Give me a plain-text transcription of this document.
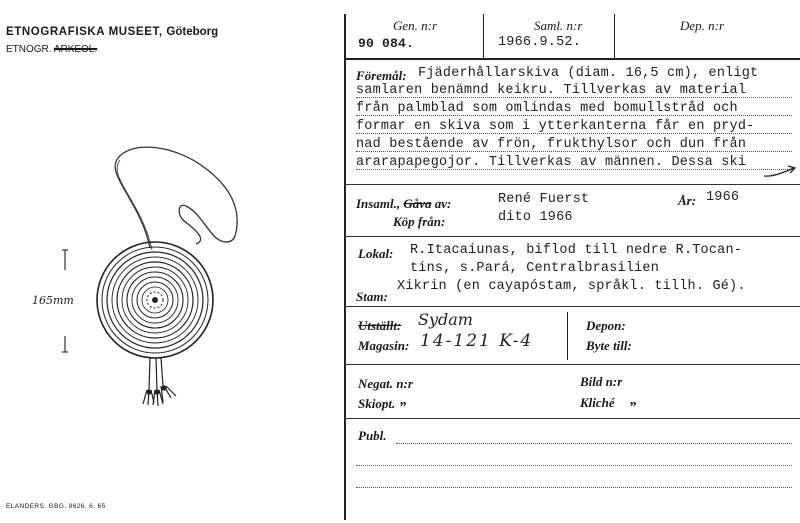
ETNOGRAFISKA MUSEET, Göteborg
ETNOGR. ARKEOL.
165mm
ELANDERS. GBG. 8626. 6. 65
Gen. n:r	Saml. n:r	Dep. n:r
90 084.	1966.9.52.
Föremål: Fjäderhållarskiva (diam. 16,5 cm), enligt
samlaren benämnd keikru. Tillverkas av material
från palmblad som omlindas med bomullstråd och
formar en skiva som i ytterkanterna får en pryd-
nad bestående av frön, frukthylsor och dun från
ararapapegojor. Tillverkas av männen. Dessa ski
Insaml., Gåva av:	René Fuerst	År: 1966
Köp från:	dito 1966
Lokal: R.Itacaiunas, biflod till nedre R.Tocan-
tins, s.Pará, Centralbrasilien
Stam:
Xikrin (en cayapóstam, språkl. tillh. Gé).
Utställt: Sydam
Magasin: 14-121 K-4
Depon:
Byte till:
Negat. n:r	Bild n:r
Skiopt. „	Kliché „
Publ.
